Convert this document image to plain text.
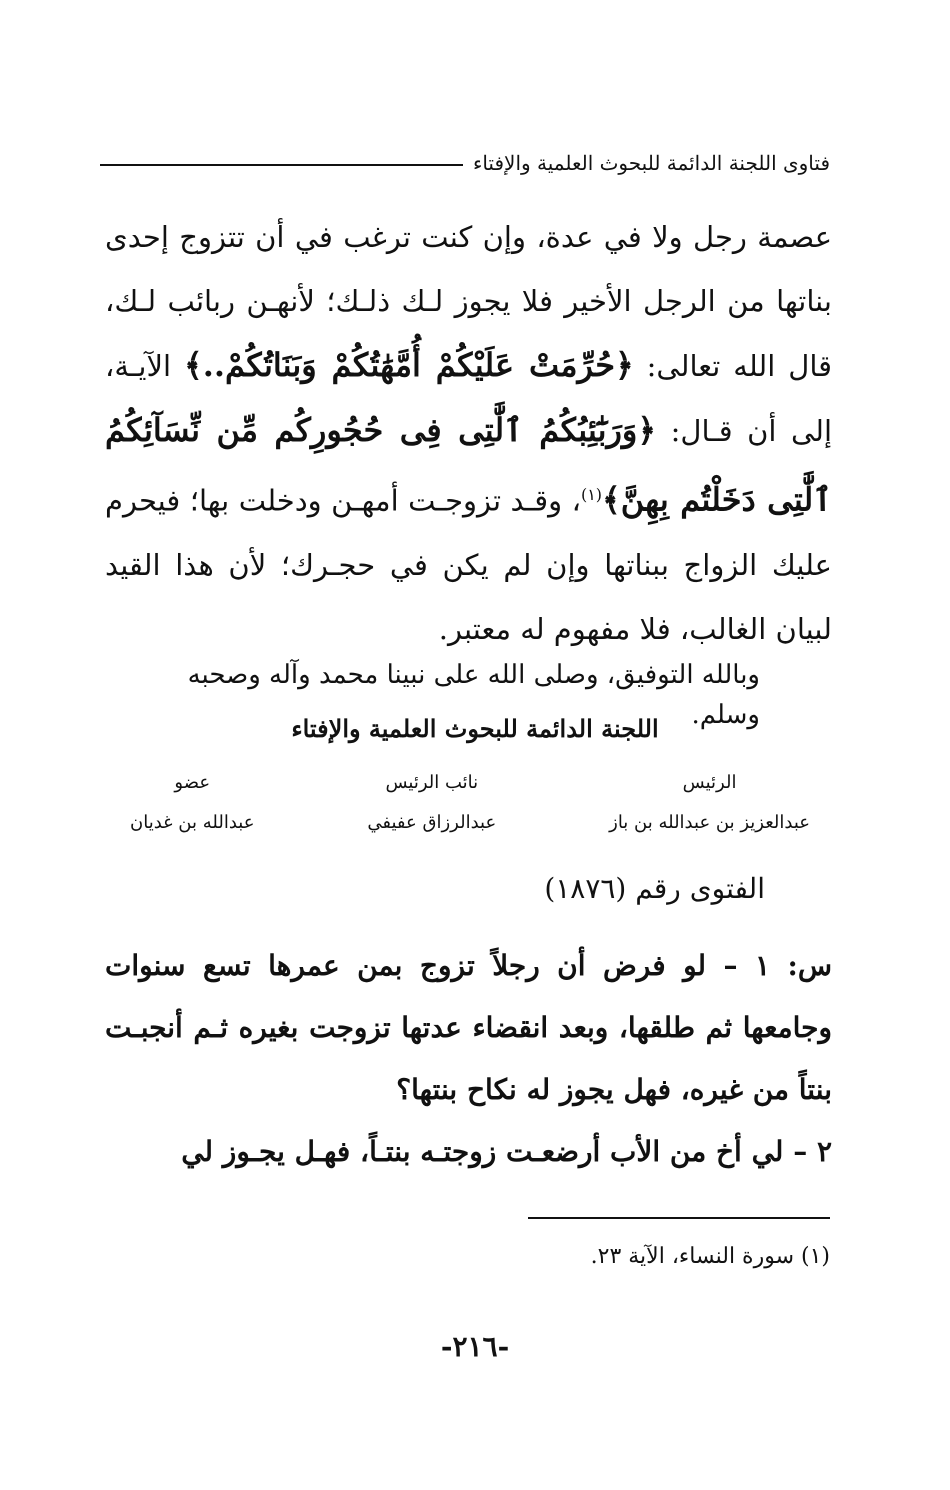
فتاوى اللجنة الدائمة للبحوث العلمية والإفتاء

عصمة رجل ولا في عدة، وإن كنت ترغب في أن تتزوج إحدى بناتها من الرجل الأخير فلا يجوز لـك ذلـك؛ لأنهـن ربائب لـك، قال الله تعالى: ﴿حُرِّمَتْ عَلَيْكُمْ أُمَّهَٰتُكُمْ وَبَنَاتُكُمْ..﴾ الآيـة، إلى أن قـال: ﴿وَرَبَٰٓئِبُكُمُ ٱلَّٰتِى فِى حُجُورِكُم مِّن نِّسَآئِكُمُ ٱلَّٰتِى دَخَلْتُم بِهِنَّ﴾$^{(١)}$، وقـد تزوجـت أمهـن ودخلت بها؛ فيحرم عليك الزواج ببناتها وإن لم يكن في حجـرك؛ لأن هذا القيد لبيان الغالب، فلا مفهوم له معتبر.

وبالله التوفيق، وصلى الله على نبينا محمد وآله وصحبه وسلم.
اللجنة الدائمة للبحوث العلمية والإفتاء
الرئيس
عبدالعزيز بن عبدالله بن باز
نائب الرئيس
عبدالرزاق عفيفي
عضو
عبدالله بن غديان
الفتوى رقم (١٨٧٦)

س: ١ – لو فرض أن رجلاً تزوج بمن عمرها تسع سنوات وجامعها ثم طلقها، وبعد انقضاء عدتها تزوجت بغيره ثـم أنجبـت بنتاً من غيره، فهل يجوز له نكاح بنتها؟

٢ – لي أخ من الأب أرضعـت زوجتـه بنتـاً، فهـل يجـوز لي

(١) سورة النساء، الآية ٢٣.
-٢١٦-
